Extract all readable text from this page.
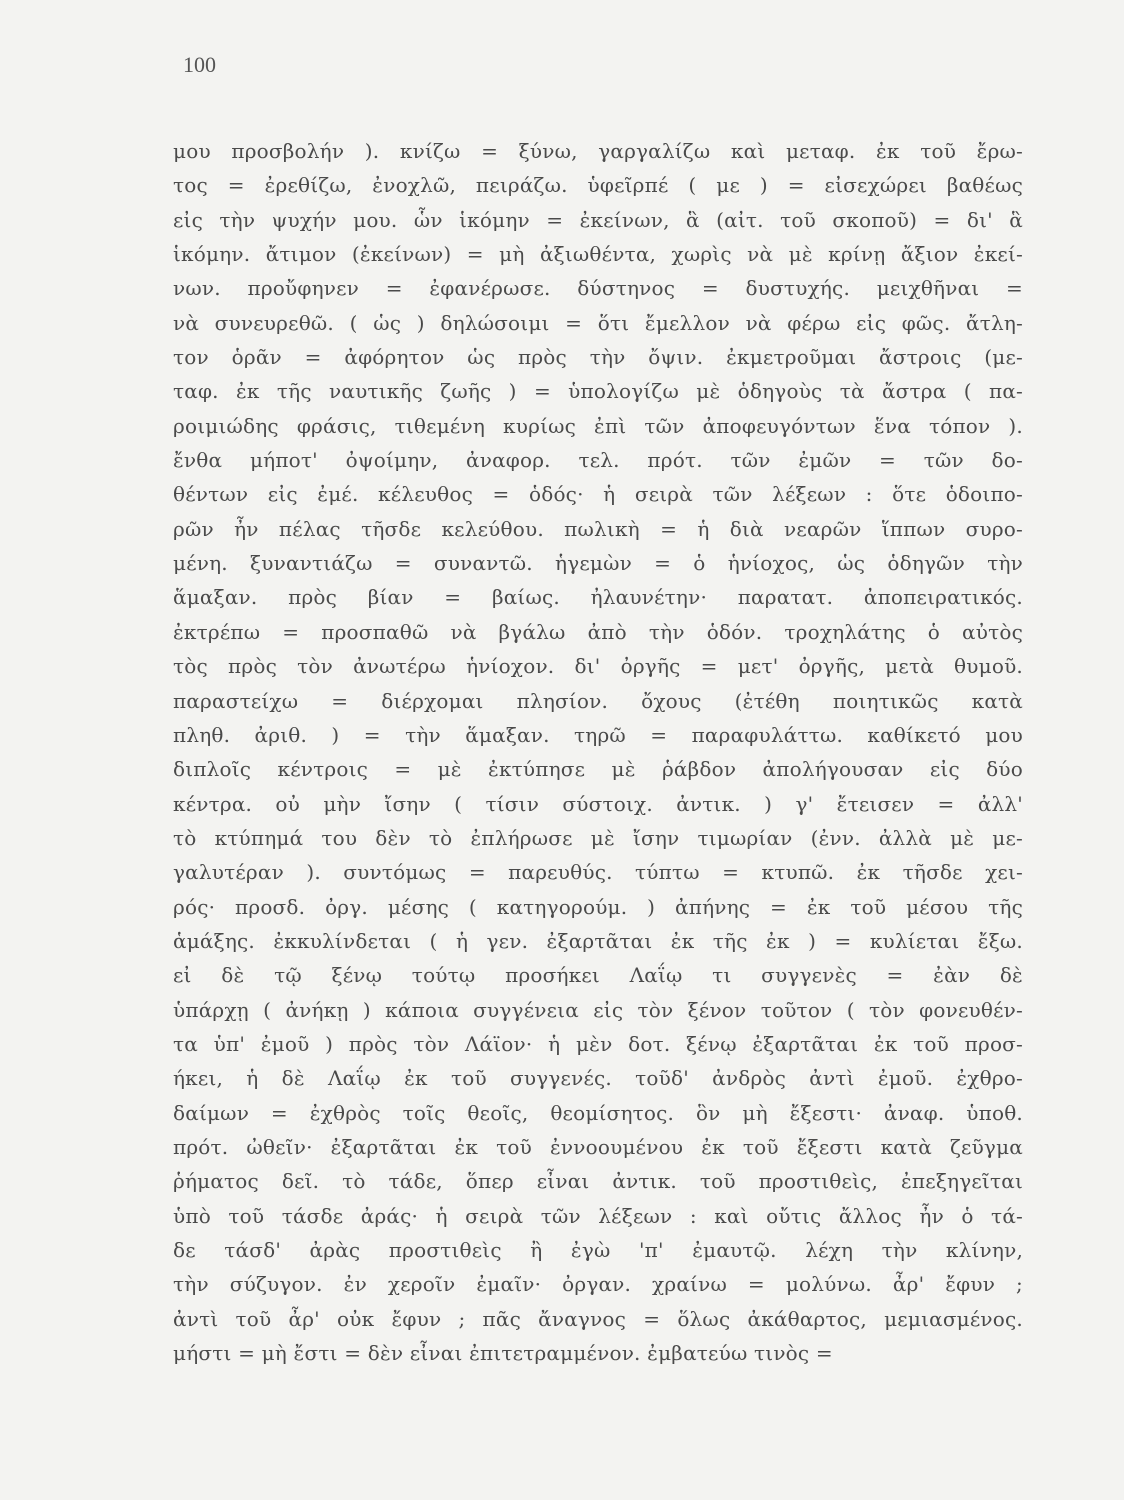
100
μου προσβολήν ). κνίζω = ξύνω, γαργαλίζω καὶ μεταφ. ἐκ τοῦ ἔρω-
τος = ἐρεθίζω, ἐνοχλῶ, πειράζω. ὑφεῖρπέ ( με ) = εἰσεχώρει βαθέως
εἰς τὴν ψυχήν μου. ὧν ἱκόμην = ἐκείνων, ἃ (αἰτ. τοῦ σκοποῦ) = δι' ἃ
ἱκόμην. ἄτιμον (ἐκείνων) = μὴ ἀξιωθέντα, χωρὶς νὰ μὲ κρίνῃ ἄξιον ἐκεί-
νων. προὔφηνεν = ἐφανέρωσε. δύστηνος = δυστυχής. μειχθῆναι =
νὰ συνευρεθῶ. ( ὡς ) δηλώσοιμι = ὅτι ἔμελλον νὰ φέρω εἰς φῶς. ἄτλη-
τον ὁρᾶν = ἀφόρητον ὡς πρὸς τὴν ὄψιν. ἐκμετροῦμαι ἄστροις (με-
ταφ. ἐκ τῆς ναυτικῆς ζωῆς ) = ὑπολογίζω μὲ ὁδηγοὺς τὰ ἄστρα ( πα-
ροιμιώδης φράσις, τιθεμένη κυρίως ἐπὶ τῶν ἀποφευγόντων ἕνα τόπον ).
ἔνθα μήποτ' ὀψοίμην, ἀναφορ. τελ. πρότ. τῶν ἐμῶν = τῶν δο-
θέντων εἰς ἐμέ. κέλευθος = ὁδός· ἡ σειρὰ τῶν λέξεων : ὅτε ὁδοιπο-
ρῶν ἦν πέλας τῆσδε κελεύθου. πωλικὴ = ἡ διὰ νεαρῶν ἵππων συρο-
μένη. ξυναντιάζω = συναντῶ. ἡγεμὼν = ὁ ἡνίοχος, ὡς ὁδηγῶν τὴν
ἅμαξαν. πρὸς βίαν = βαίως. ἠλαυνέτην· παρατατ. ἀποπειρατικός.
ἐκτρέπω = προσπαθῶ νὰ βγάλω ἀπὸ τὴν ὁδόν. τροχηλάτης ὁ αὐτὸς
τὸς πρὸς τὸν ἀνωτέρω ἡνίοχον. δι' ὀργῆς = μετ' ὀργῆς, μετὰ θυμοῦ.
παραστείχω = διέρχομαι πλησίον. ὄχους (ἐτέθη ποιητικῶς κατὰ
πληθ. ἀριθ. ) = τὴν ἅμαξαν. τηρῶ = παραφυλάττω. καθίκετό μου
διπλοῖς κέντροις = μὲ ἐκτύπησε μὲ ῥάβδον ἀπολήγουσαν εἰς δύο
κέντρα. οὐ μὴν ἴσην ( τίσιν σύστοιχ. ἀντικ. ) γ' ἔτεισεν = ἀλλ'
τὸ κτύπημά του δὲν τὸ ἐπλήρωσε μὲ ἴσην τιμωρίαν (ἐνν. ἀλλὰ μὲ με-
γαλυτέραν ). συντόμως = παρευθύς. τύπτω = κτυπῶ. ἐκ τῆσδε χει-
ρός· προσδ. ὀργ. μέσης ( κατηγορούμ. ) ἀπήνης = ἐκ τοῦ μέσου τῆς
ἁμάξης. ἐκκυλίνδεται ( ἡ γεν. ἐξαρτᾶται ἐκ τῆς ἐκ ) = κυλίεται ἔξω.
εἰ δὲ τῷ ξένῳ τούτῳ προσήκει Λαΐῳ τι συγγενὲς = ἐὰν δὲ
ὑπάρχῃ ( ἀνήκῃ ) κάποια συγγένεια εἰς τὸν ξένον τοῦτον ( τὸν φονευθέν-
τα ὑπ' ἐμοῦ ) πρὸς τὸν Λάϊον· ἡ μὲν δοτ. ξένῳ ἐξαρτᾶται ἐκ τοῦ προσ-
ήκει, ἡ δὲ Λαΐῳ ἐκ τοῦ συγγενές. τοῦδ' ἀνδρὸς ἀντὶ ἐμοῦ. ἐχθρο-
δαίμων = ἐχθρὸς τοῖς θεοῖς, θεομίσητος. ὃν μὴ ἔξεστι· ἀναφ. ὑποθ.
πρότ. ὠθεῖν· ἐξαρτᾶται ἐκ τοῦ ἐννοουμένου ἐκ τοῦ ἔξεστι κατὰ ζεῦγμα
ῥήματος δεῖ. τὸ τάδε, ὅπερ εἶναι ἀντικ. τοῦ προστιθεὶς, ἐπεξηγεῖται
ὑπὸ τοῦ τάσδε ἀράς· ἡ σειρὰ τῶν λέξεων : καὶ οὔτις ἄλλος ἦν ὁ τά-
δε τάσδ' ἀρὰς προστιθεὶς ἢ ἐγὼ 'π' ἐμαυτῷ. λέχη τὴν κλίνην,
τὴν σύζυγον. ἐν χεροῖν ἐμαῖν· ὀργαν. χραίνω = μολύνω. ἆρ' ἔφυν ;
ἀντὶ τοῦ ἆρ' οὐκ ἔφυν ; πᾶς ἄναγνος = ὅλως ἀκάθαρτος, μεμιασμένος.
μήστι = μὴ ἔστι = δὲν εἶναι ἐπιτετραμμένον. ἐμβατεύω τινὸς =
